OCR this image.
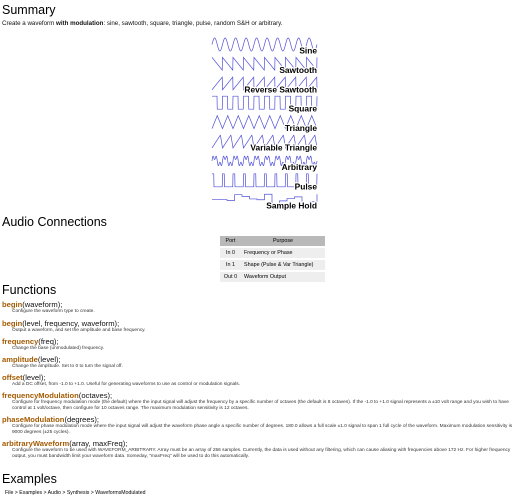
Summary
Create a waveform with modulation: sine, sawtooth, square, triangle, pulse, random S&H or arbitrary.
Sine
Sawtooth
Reverse Sawtooth
Square
Triangle
Variable Triangle
Arbitrary
Pulse
Sample Hold
Audio Connections
Port	Purpose
In 0	Frequency or Phase
In 1	Shape (Pulse & Var Triangle)
Out 0	Waveform Output
Functions
begin(waveform);
Configure the waveform type to create.
begin(level, frequency, waveform);
Output a waveform, and set the amplitude and base frequency.
frequency(freq);
Change the base (unmodulated) frequency.
amplitude(level);
Change the amplitude. Set to 0 to turn the signal off.
offset(level);
Add a DC offset, from -1.0 to +1.0. Useful for generating waveforms to use as control or modulation signals.
frequencyModulation(octaves);
Configure for frequency modulation mode (the default) where the input signal will adjust the frequency by a specific number of octaves (the default is 8 octaves). If the -1.0 to +1.0 signal represents a ±10 volt range and you wish to have control at 1 volt/octave, then configure for 10 octaves range. The maximum modulation sensitivity is 12 octaves.
phaseModulation(degrees);
Configure for phase modulation mode where the input signal will adjust the waveform phase angle a specific number of degrees. 180.0 allows a full scale ±1.0 signal to span 1 full cycle of the waveform. Maximum modulation sensitivity is 9000 degrees (±25 cycles).
arbitraryWaveform(array, maxFreq);
Configure the waveform to be used with WAVEFORM_ARBITRARY. Array must be an array of 256 samples. Currently, the data is used without any filtering, which can cause aliasing with frequencies above 172 Hz. For higher frequency output, you must bandwidth limit your waveform data. Someday, "maxFreq" will be used to do this automatically.
Examples
File > Examples > Audio > Synthesis > WaveformsModulated
